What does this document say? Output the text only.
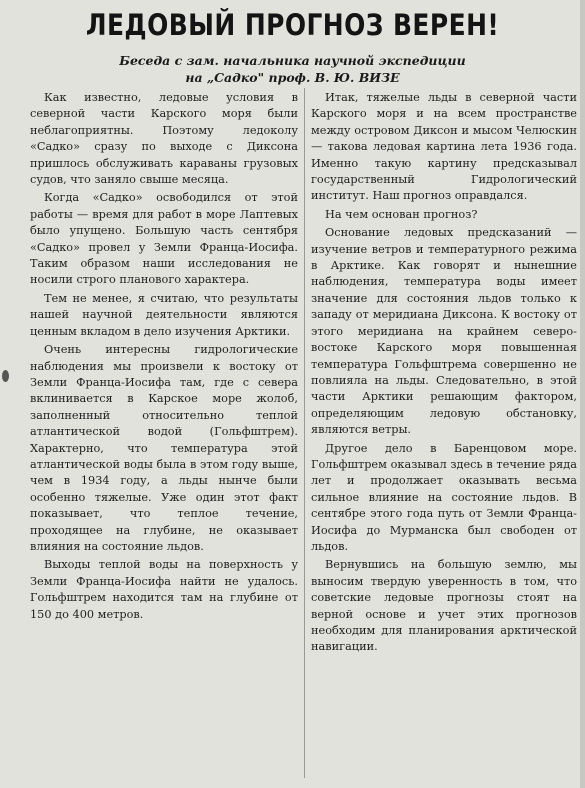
ЛЕДОВЫЙ ПРОГНОЗ ВЕРЕН!
Беседа с зам. начальника научной экспедиции
на „Садко" проф. В. Ю. ВИЗЕ

Как известно, ледовые условия в северной части Карского моря были неблагоприятны. Поэтому ледоколу «Садко» сразу по выходе с Диксона пришлось обслуживать караваны грузовых судов, что заняло свыше месяца.

Когда «Садко» освободился от этой работы — время для работ в море Лаптевых было упущено. Большую часть сентября «Садко» провел у Земли Франца-Иосифа. Таким образом наши исследования не носили строго планового характера.

Тем не менее, я считаю, что результаты нашей научной деятельности являются ценным вкладом в дело изучения Арктики.

Очень интересны гидрологические наблюдения мы произвели к востоку от Земли Франца-Иосифа там, где с севера вклинивается в Карское море жолоб, заполненный относительно теплой атлантической водой (Гольфштрем). Характерно, что температура этой атлантической воды была в этом году выше, чем в 1934 году, а льды нынче были особенно тяжелые. Уже один этот факт показывает, что теплое течение, проходящее на глубине, не оказывает влияния на состояние льдов.

Выходы теплой воды на поверхность у Земли Франца-Иосифа найти не удалось. Гольфштрем находится там на глубине от 150 до 400 метров.

Итак, тяжелые льды в северной части Карского моря и на всем пространстве между островом Диксон и мысом Челюскин — такова ледовая картина лета 1936 года. Именно такую картину предсказывал государственный Гидрологический институт. Наш прогноз оправдался.

На чем основан прогноз?

Основание ледовых предсказаний — изучение ветров и температурного режима в Арктике. Как говорят и нынешние наблюдения, температура воды имеет значение для состояния льдов только к западу от меридиана Диксона. К востоку от этого меридиана на крайнем северо-востоке Карского моря повышенная температура Гольфштрема совершенно не повлияла на льды. Следовательно, в этой части Арктики решающим фактором, определяющим ледовую обстановку, являются ветры.

Другое дело в Баренцовом море. Гольфштрем оказывал здесь в течение ряда лет и продолжает оказывать весьма сильное влияние на состояние льдов. В сентябре этого года путь от Земли Франца-Иосифа до Мурманска был свободен от льдов.

Вернувшись на большую землю, мы выносим твердую уверенность в том, что советские ледовые прогнозы стоят на верной основе и учет этих прогнозов необходим для планирования арктической навигации.
